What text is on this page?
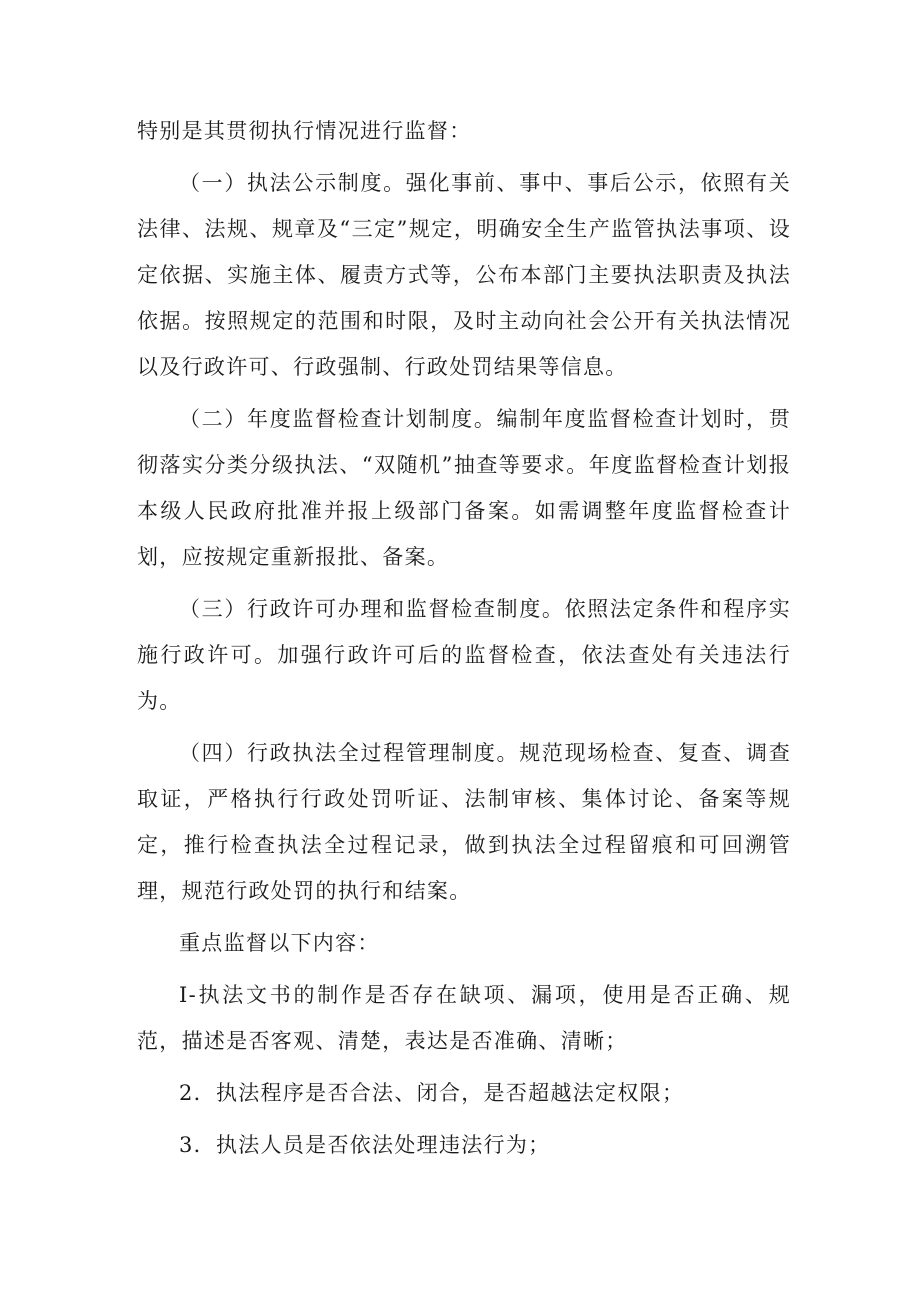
特别是其贯彻执行情况进行监督：

（一）执法公示制度。强化事前、事中、事后公示，依照有关法律、法规、规章及“三定”规定，明确安全生产监管执法事项、设定依据、实施主体、履责方式等，公布本部门主要执法职责及执法依据。按照规定的范围和时限，及时主动向社会公开有关执法情况以及行政许可、行政强制、行政处罚结果等信息。

（二）年度监督检查计划制度。编制年度监督检查计划时，贯彻落实分类分级执法、“双随机”抽查等要求。年度监督检查计划报本级人民政府批准并报上级部门备案。如需调整年度监督检查计划，应按规定重新报批、备案。

（三）行政许可办理和监督检查制度。依照法定条件和程序实施行政许可。加强行政许可后的监督检查，依法查处有关违法行为。

（四）行政执法全过程管理制度。规范现场检查、复查、调查取证，严格执行行政处罚听证、法制审核、集体讨论、备案等规定，推行检查执法全过程记录，做到执法全过程留痕和可回溯管理，规范行政处罚的执行和结案。

重点监督以下内容：

I-执法文书的制作是否存在缺项、漏项，使用是否正确、规范，描述是否客观、清楚，表达是否准确、清晰；

2．执法程序是否合法、闭合，是否超越法定权限；

3．执法人员是否依法处理违法行为；
